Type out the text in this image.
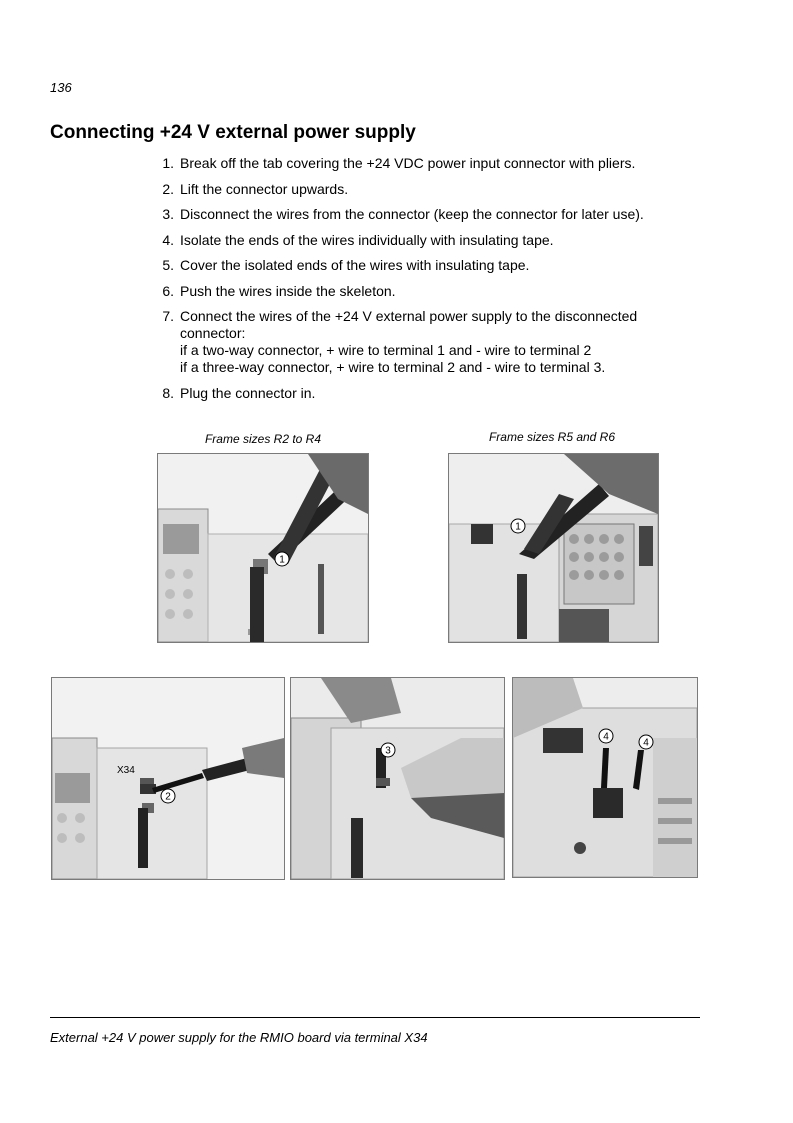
136
Connecting +24 V external power supply
1. Break off the tab covering the +24 VDC power input connector with pliers.
2. Lift the connector upwards.
3. Disconnect the wires from the connector (keep the connector for later use).
4. Isolate the ends of the wires individually with insulating tape.
5. Cover the isolated ends of the wires with insulating tape.
6. Push the wires inside the skeleton.
7. Connect the wires of the +24 V external power supply to the disconnected
connector:
if a two-way connector, + wire to terminal 1 and - wire to terminal 2
if a three-way connector, + wire to terminal 2 and - wire to terminal 3.
8. Plug the connector in.
Frame sizes R2 to R4	Frame sizes R5 and R6
1
1
X34
2
3
4
4
External +24 V power supply for the RMIO board via terminal X34
